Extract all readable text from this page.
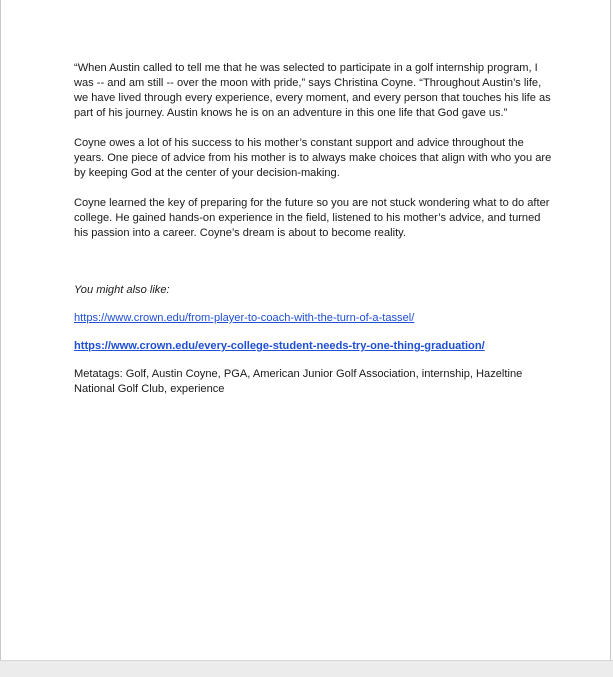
“When Austin called to tell me that he was selected to participate in a golf internship program, I was -- and am still -- over the moon with pride,” says Christina Coyne. “Throughout Austin’s life, we have lived through every experience, every moment, and every person that touches his life as part of his journey. Austin knows he is on an adventure in this one life that God gave us.”

Coyne owes a lot of his success to his mother’s constant support and advice throughout the years. One piece of advice from his mother is to always make choices that align with who you are by keeping God at the center of your decision-making.

Coyne learned the key of preparing for the future so you are not stuck wondering what to do after college. He gained hands-on experience in the field, listened to his mother’s advice, and turned his passion into a career. Coyne’s dream is about to become reality.

You might also like:

https://www.crown.edu/from-player-to-coach-with-the-turn-of-a-tassel/

https://www.crown.edu/every-college-student-needs-try-one-thing-graduation/

Metatags: Golf, Austin Coyne, PGA, American Junior Golf Association, internship, Hazeltine National Golf Club, experience
